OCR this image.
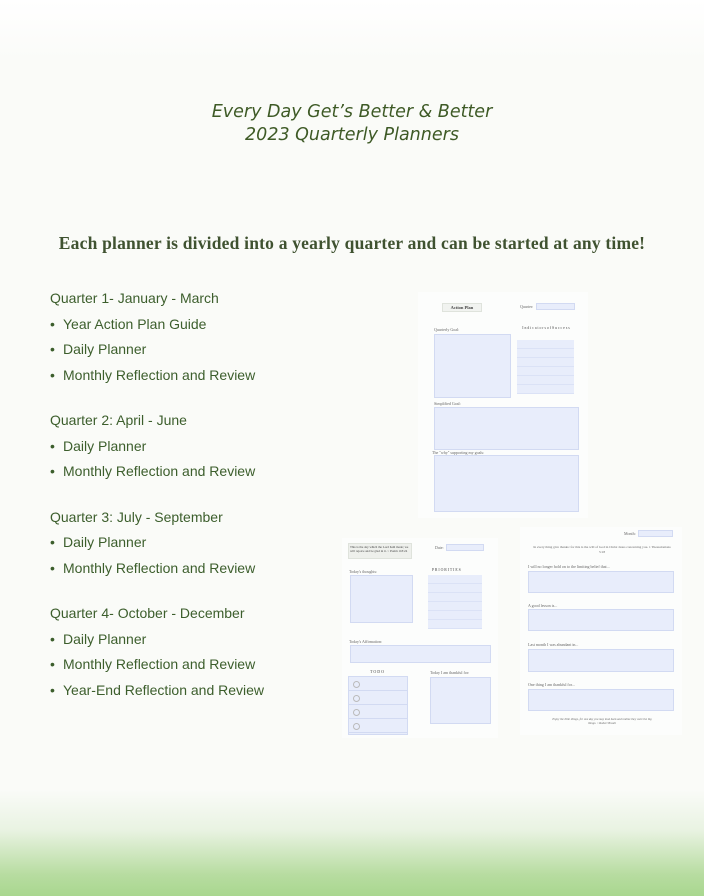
Every Day Get’s Better & Better
2023 Quarterly Planners
Each planner is divided into a yearly quarter and can be started at any time!
Quarter 1- January - March
• Year Action Plan Guide
• Daily Planner
• Monthly Reflection and Review
Quarter 2: April - June
• Daily Planner
• Monthly Reflection and Review
Quarter 3: July - September
• Daily Planner
• Monthly Reflection and Review
Quarter 4- October - December
• Daily Planner
• Monthly Reflection and Review
• Year-End Reflection and Review
Action Plan	Quarter:
Quarterly Goal:	I n d i c a t o r s o f S u c c e s s
Simplified Goal:
The "why" supporting my goals:
This is the day which the Lord hath made; we will rejoice and be glad in it. ~ Psalm 118:24
Date:
Today's thoughts:	P R I O R I T I E S
Today's Affirmation:
T O D O	Today I am thankful for:
Month:
In every thing give thanks: for this is the will of God in Christ Jesus concerning you. 1 Thessalonians 5:18
I will no longer hold on to the limiting belief that...
A good lesson is...
Last month I was abundant in...
One thing I am thankful for...
Enjoy the little things, for one day you may look back and realize they were the big things. ~ Robert Brault
